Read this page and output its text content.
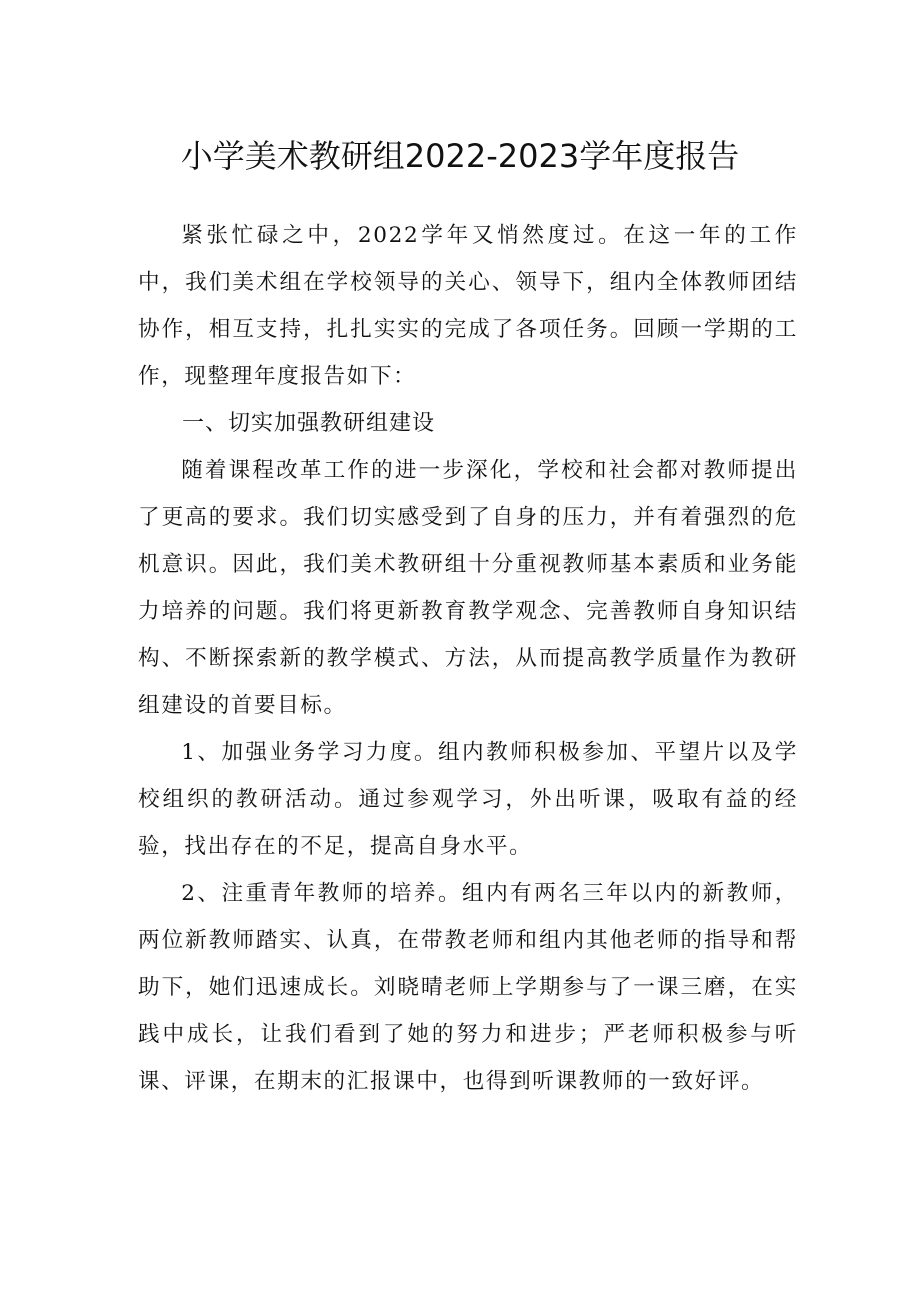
小学美术教研组2022-2023学年度报告

紧张忙碌之中，2022学年又悄然度过。在这一年的工作中，我们美术组在学校领导的关心、领导下，组内全体教师团结协作，相互支持，扎扎实实的完成了各项任务。回顾一学期的工作，现整理年度报告如下：

一、切实加强教研组建设

随着课程改革工作的进一步深化，学校和社会都对教师提出了更高的要求。我们切实感受到了自身的压力，并有着强烈的危机意识。因此，我们美术教研组十分重视教师基本素质和业务能力培养的问题。我们将更新教育教学观念、完善教师自身知识结构、不断探索新的教学模式、方法，从而提高教学质量作为教研组建设的首要目标。

1、加强业务学习力度。组内教师积极参加、平望片以及学校组织的教研活动。通过参观学习，外出听课，吸取有益的经验，找出存在的不足，提高自身水平。

2、注重青年教师的培养。组内有两名三年以内的新教师，两位新教师踏实、认真，在带教老师和组内其他老师的指导和帮助下，她们迅速成长。刘晓晴老师上学期参与了一课三磨，在实践中成长，让我们看到了她的努力和进步；严老师积极参与听课、评课，在期末的汇报课中，也得到听课教师的一致好评。
